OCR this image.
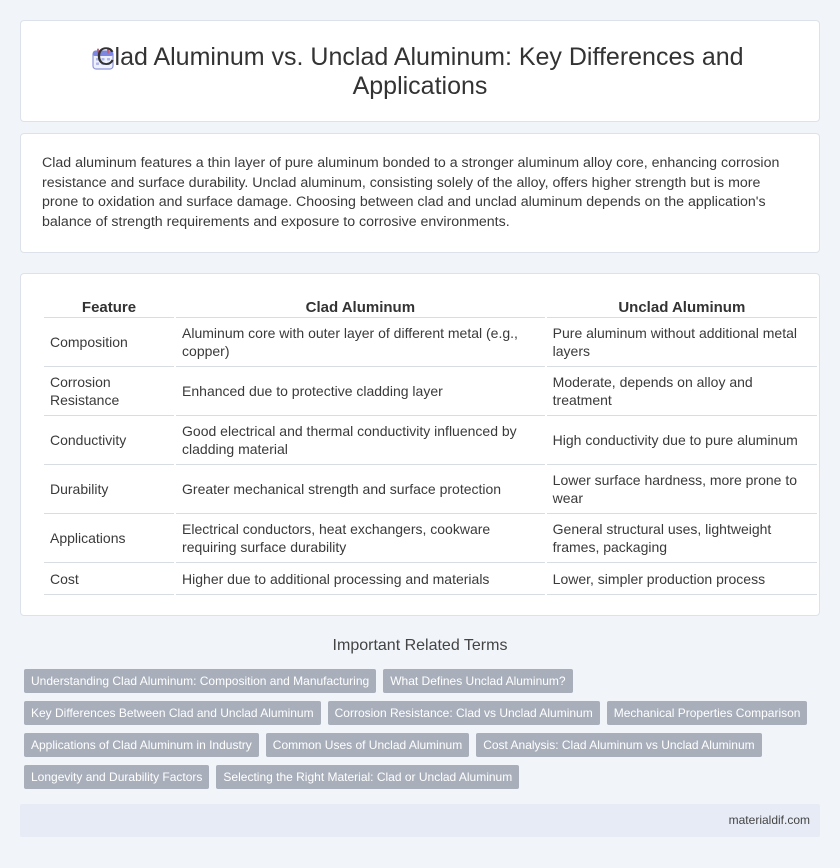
Clad Aluminum vs. Unclad Aluminum: Key Differences and Applications

Clad aluminum features a thin layer of pure aluminum bonded to a stronger aluminum alloy core, enhancing corrosion resistance and surface durability. Unclad aluminum, consisting solely of the alloy, offers higher strength but is more prone to oxidation and surface damage. Choosing between clad and unclad aluminum depends on the application's balance of strength requirements and exposure to corrosive environments.

Feature	Clad Aluminum	Unclad Aluminum
Composition	Aluminum core with outer layer of different metal (e.g., copper)	Pure aluminum without additional metal layers
Corrosion Resistance	Enhanced due to protective cladding layer	Moderate, depends on alloy and treatment
Conductivity	Good electrical and thermal conductivity influenced by cladding material	High conductivity due to pure aluminum
Durability	Greater mechanical strength and surface protection	Lower surface hardness, more prone to wear
Applications	Electrical conductors, heat exchangers, cookware requiring surface durability	General structural uses, lightweight frames, packaging
Cost	Higher due to additional processing and materials	Lower, simpler production process
Important Related Terms
Understanding Clad Aluminum: Composition and Manufacturing	What Defines Unclad Aluminum?
Key Differences Between Clad and Unclad Aluminum	Corrosion Resistance: Clad vs Unclad Aluminum	Mechanical Properties Comparison
Applications of Clad Aluminum in Industry	Common Uses of Unclad Aluminum	Cost Analysis: Clad Aluminum vs Unclad Aluminum
Longevity and Durability Factors	Selecting the Right Material: Clad or Unclad Aluminum
materialdif.com
